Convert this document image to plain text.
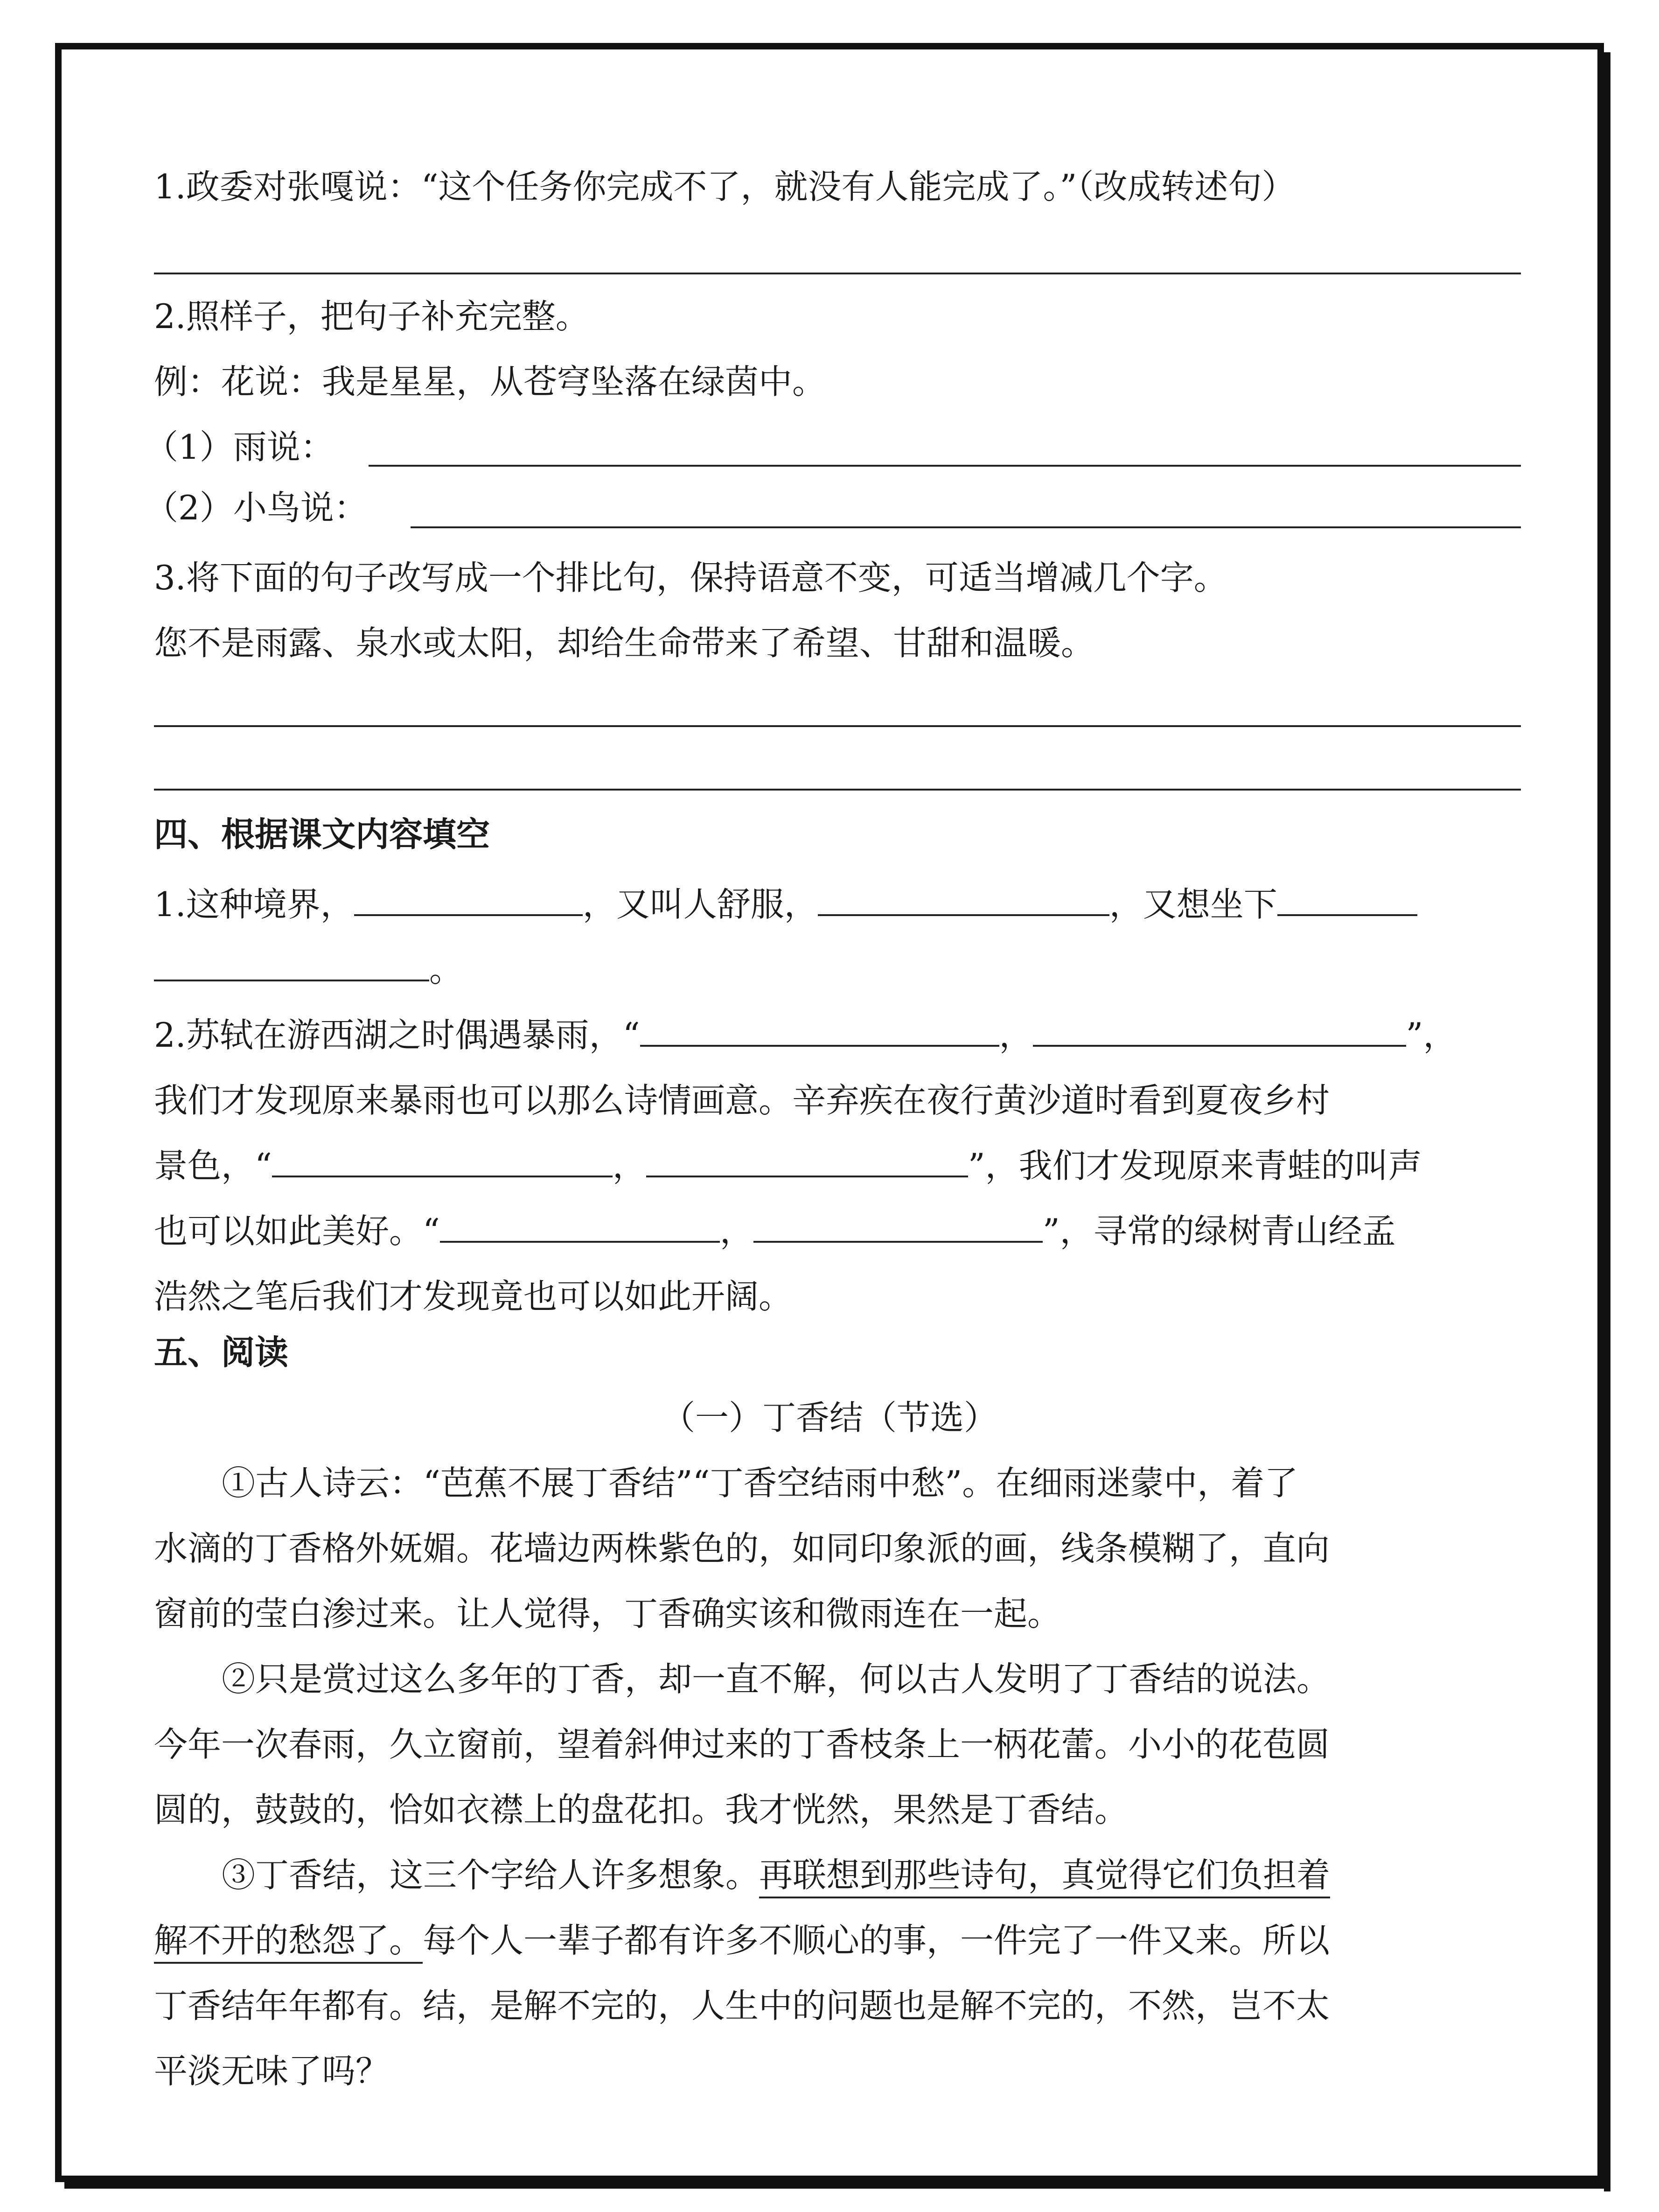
1.政委对张嘎说：“这个任务你完成不了，就没有人能完成了。”（改成转述句）
2.照样子，把句子补充完整。
例：花说：我是星星，从苍穹坠落在绿茵中。
（1）雨说：
（2）小鸟说：
3.将下面的句子改写成一个排比句，保持语意不变，可适当增减几个字。
您不是雨露、泉水或太阳，却给生命带来了希望、甘甜和温暖。
四、根据课文内容填空
1.这种境界，	，又叫人舒服，	，又想坐下
。
2.苏轼在游西湖之时偶遇暴雨，“	，	”，
我们才发现原来暴雨也可以那么诗情画意。辛弃疾在夜行黄沙道时看到夏夜乡村
景色，“	，	”，我们才发现原来青蛙的叫声
也可以如此美好。“	，	”，寻常的绿树青山经孟
浩然之笔后我们才发现竟也可以如此开阔。
五、阅读
（一）丁香结（节选）
①古人诗云：“芭蕉不展丁香结”“丁香空结雨中愁”。在细雨迷蒙中，着了
水滴的丁香格外妩媚。花墙边两株紫色的，如同印象派的画，线条模糊了，直向
窗前的莹白渗过来。让人觉得，丁香确实该和微雨连在一起。
②只是赏过这么多年的丁香，却一直不解，何以古人发明了丁香结的说法。
今年一次春雨，久立窗前，望着斜伸过来的丁香枝条上一柄花蕾。小小的花苞圆
圆的，鼓鼓的，恰如衣襟上的盘花扣。我才恍然，果然是丁香结。
③丁香结，这三个字给人许多想象。再联想到那些诗句，真觉得它们负担着
解不开的愁怨了。每个人一辈子都有许多不顺心的事，一件完了一件又来。所以
丁香结年年都有。结，是解不完的，人生中的问题也是解不完的，不然，岂不太
平淡无味了吗？
